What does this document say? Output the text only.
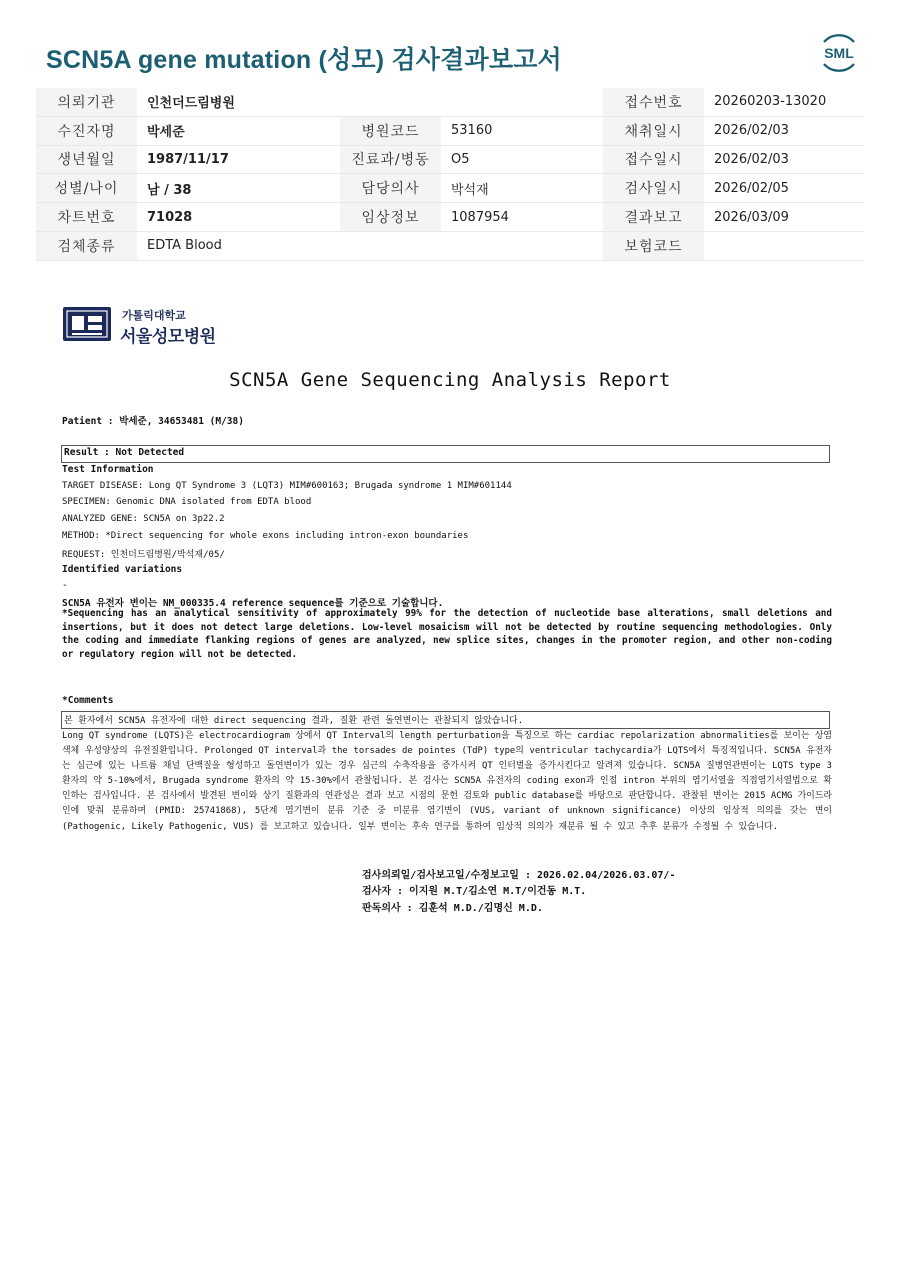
SCN5A gene mutation (성모) 검사결과보고서	SML
의뢰기관	인천더드림병원			접수번호	20260203-13020
수진자명	박세준	병원코드	53160	채취일시	2026/02/03
생년월일	1987/11/17	진료과/병동	O5	접수일시	2026/02/03
성별/나이	남 / 38	담당의사	박석재	검사일시	2026/02/05
차트번호	71028	임상정보	1087954	결과보고	2026/03/09
검체종류	EDTA Blood			보험코드	
가톨릭대학교
서울성모병원
SCN5A Gene Sequencing Analysis Report
Patient : 박세준, 34653481 (M/38)
Result : Not Detected
Test Information
TARGET DISEASE: Long QT Syndrome 3 (LQT3) MIM#600163; Brugada syndrome 1 MIM#601144
SPECIMEN: Genomic DNA isolated from EDTA blood
ANALYZED GENE: SCN5A on 3p22.2
METHOD: *Direct sequencing for whole exons including intron-exon boundaries
REQUEST: 인천더드림병원/박석재/05/
Identified variations
-
SCN5A 유전자 변이는 NM_000335.4 reference sequence를 기준으로 기술합니다.
*Sequencing has an analytical sensitivity of approximately 99% for the detection of nucleotide base alterations, small deletions and insertions, but it does not detect large deletions. Low-level mosaicism will not be detected by routine sequencing methodologies. Only the coding and immediate flanking regions of genes are analyzed, new splice sites, changes in the promoter region, and other non-coding or regulatory region will not be detected.
*Comments
본 환자에서 SCN5A 유전자에 대한 direct sequencing 결과, 질환 관련 돌연변이는 관찰되지 않았습니다.
Long QT syndrome (LQTS)은 electrocardiogram 상에서 QT Interval의 length perturbation을 특징으로 하는 cardiac repolarization abnormalities를 보이는 상염색체 우성양상의 유전질환입니다. Prolonged QT interval과 the torsades de pointes (TdP) type의 ventricular tachycardia가 LQTS에서 특징적입니다. SCN5A 유전자는 심근에 있는 나트륨 채널 단백질을 형성하고 돌연변이가 있는 경우 심근의 수축작용을 증가시켜 QT 인터벌을 증가시킨다고 알려져 있습니다. SCN5A 질병연관변이는 LQTS type 3 환자의 약 5-10%에서, Brugada syndrome 환자의 약 15-30%에서 관찰됩니다. 본 검사는 SCN5A 유전자의 coding exon과 인접 intron 부위의 염기서열을 직접염기서열법으로 확인하는 검사입니다. 본 검사에서 발견된 변이와 상기 질환과의 연관성은 결과 보고 시점의 문헌 검토와 public database를 바탕으로 판단합니다. 관찰된 변이는 2015 ACMG 가이드라인에 맞춰 분류하며 (PMID: 25741868), 5단계 염기변이 분류 기준 중 미분류 염기변이 (VUS, variant of unknown significance) 이상의 임상적 의의를 갖는 변이 (Pathogenic, Likely Pathogenic, VUS) 를 보고하고 있습니다. 일부 변이는 후속 연구를 통하여 임상적 의의가 재분류 될 수 있고 추후 분류가 수정될 수 있습니다.
검사의뢰일/검사보고일/수정보고일 : 2026.02.04/2026.03.07/-
검사자 : 이지원 M.T/김소연 M.T/이건동 M.T.
판독의사 : 김훈석 M.D./김명신 M.D.
